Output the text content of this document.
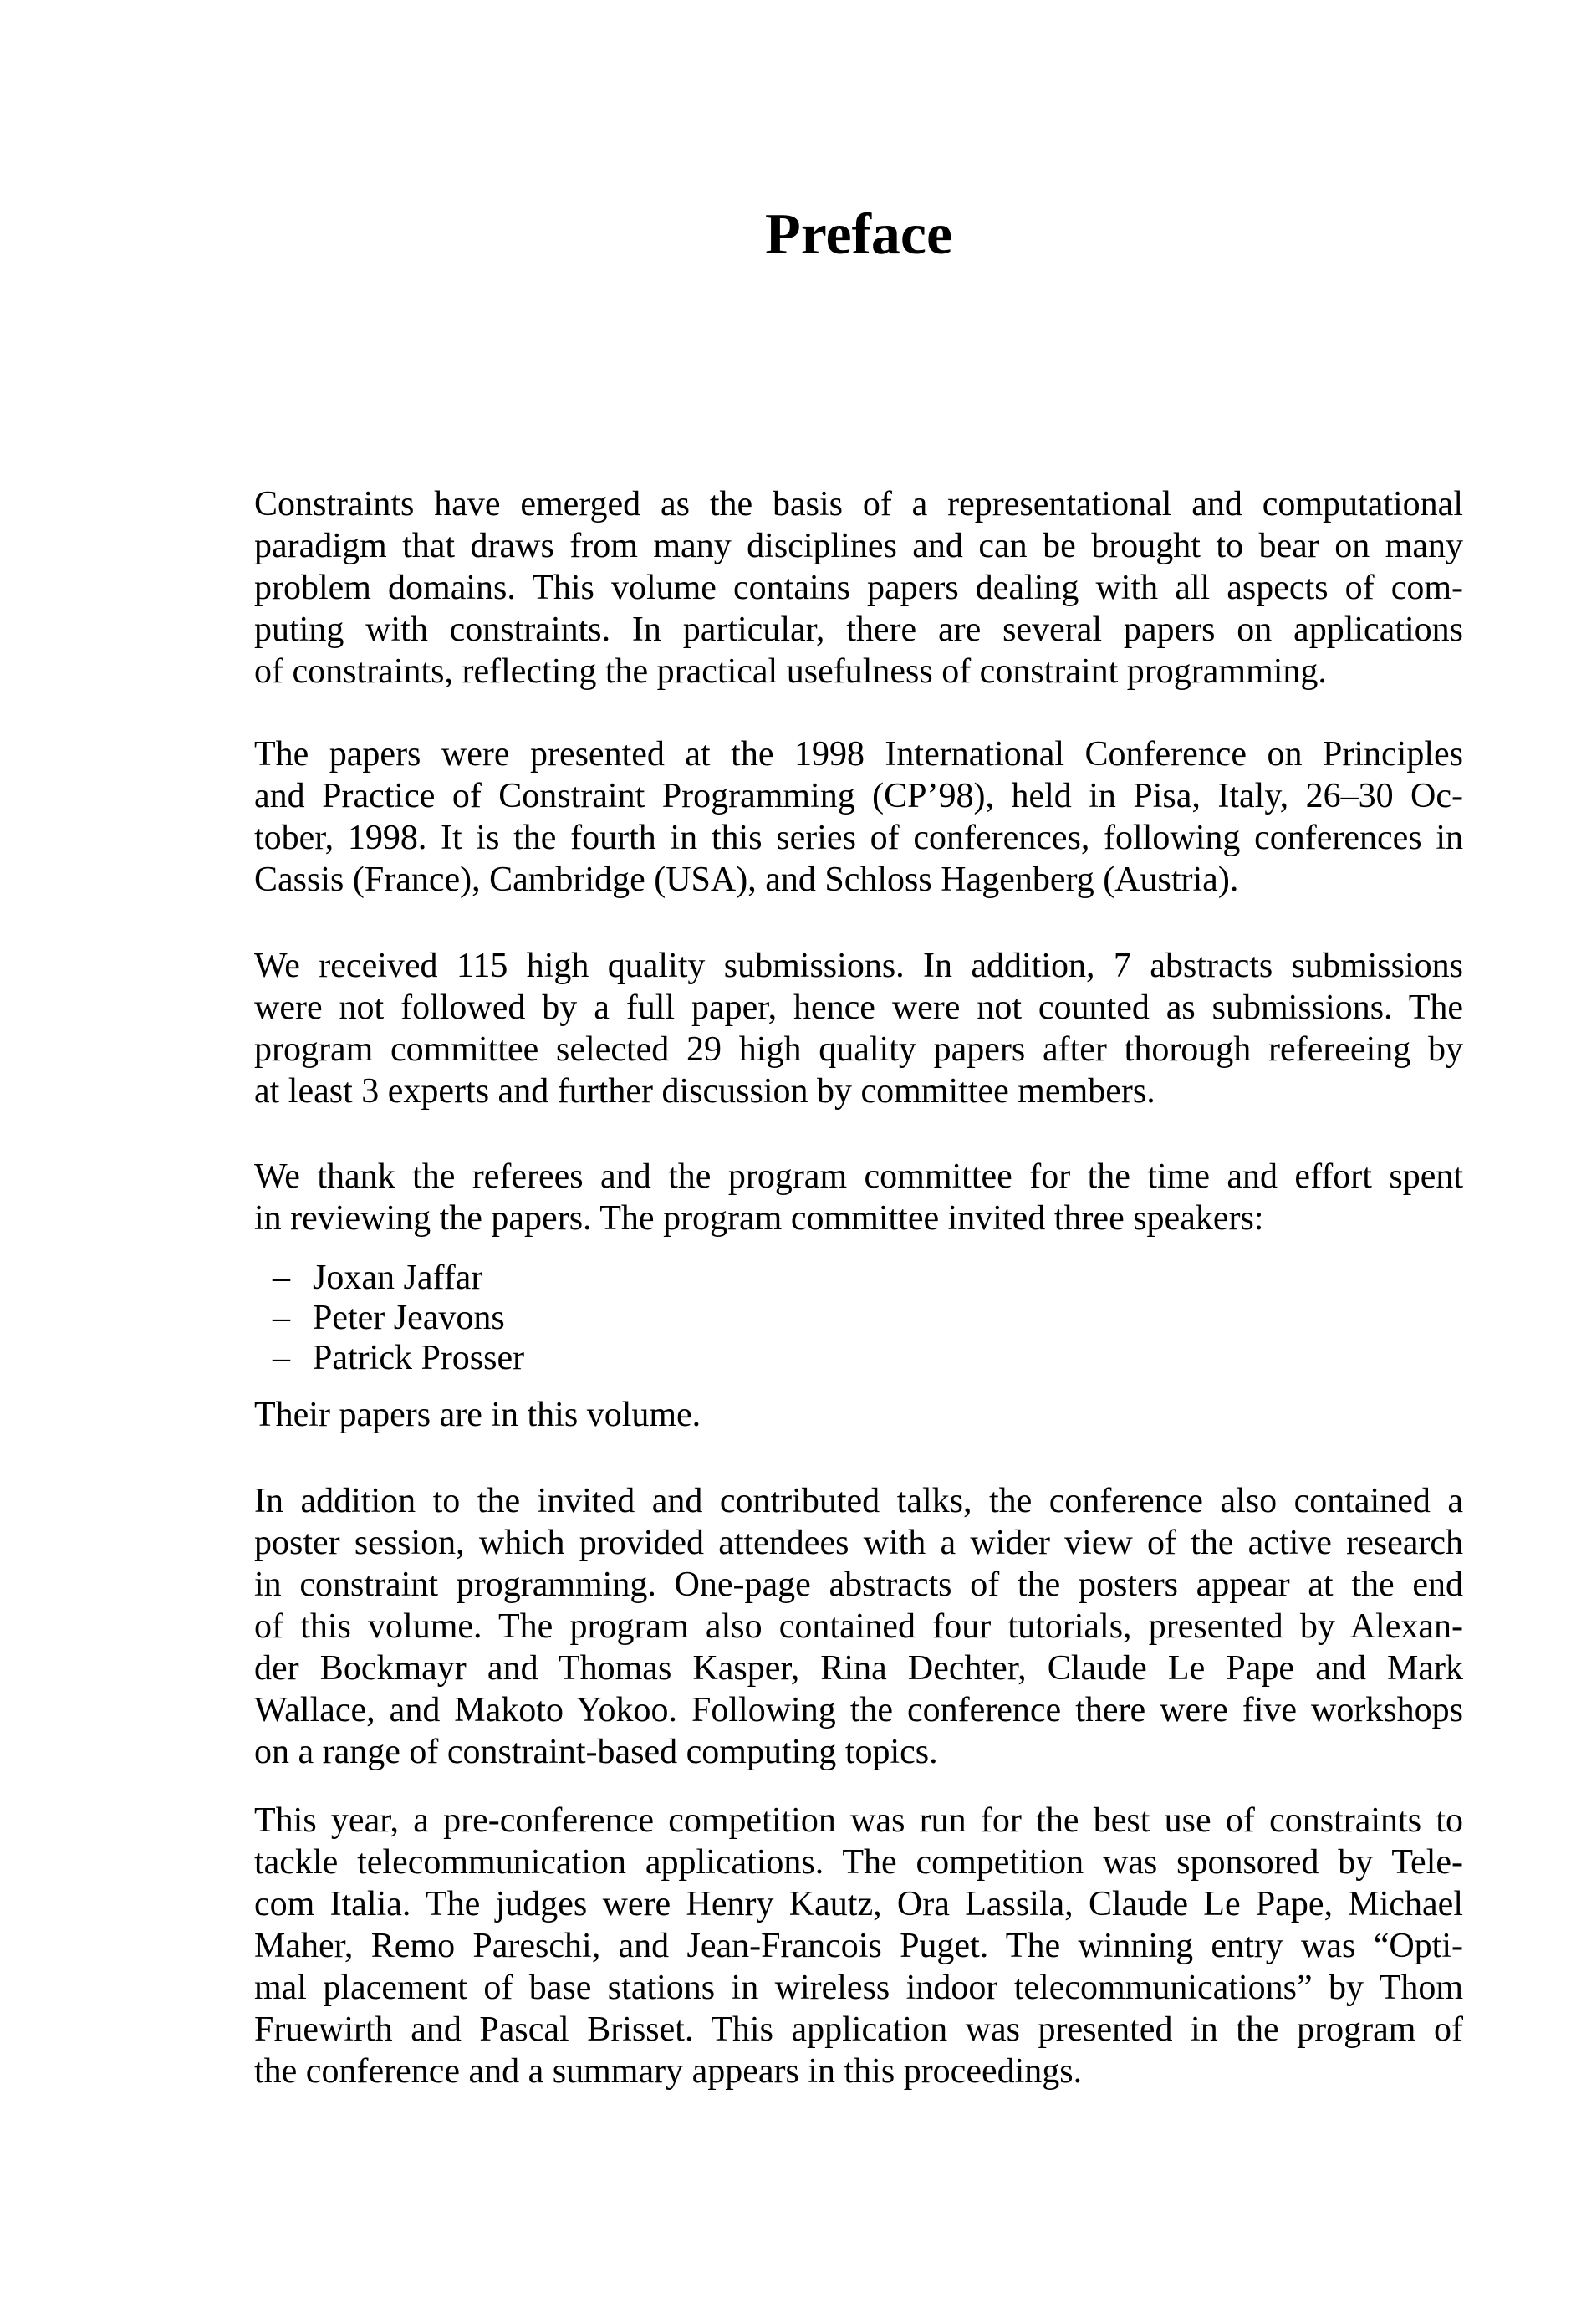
Preface
Constraints have emerged as the basis of a representational and computational
paradigm that draws from many disciplines and can be brought to bear on many
problem domains. This volume contains papers dealing with all aspects of com-
puting with constraints. In particular, there are several papers on applications
of constraints, reflecting the practical usefulness of constraint programming.
The papers were presented at the 1998 International Conference on Principles
and Practice of Constraint Programming (CP’98), held in Pisa, Italy, 26–30 Oc-
tober, 1998. It is the fourth in this series of conferences, following conferences in
Cassis (France), Cambridge (USA), and Schloss Hagenberg (Austria).
We received 115 high quality submissions. In addition, 7 abstracts submissions
were not followed by a full paper, hence were not counted as submissions. The
program committee selected 29 high quality papers after thorough refereeing by
at least 3 experts and further discussion by committee members.
We thank the referees and the program committee for the time and effort spent
in reviewing the papers. The program committee invited three speakers:
– Joxan Jaffar
– Peter Jeavons
– Patrick Prosser
Their papers are in this volume.
In addition to the invited and contributed talks, the conference also contained a
poster session, which provided attendees with a wider view of the active research
in constraint programming. One-page abstracts of the posters appear at the end
of this volume. The program also contained four tutorials, presented by Alexan-
der Bockmayr and Thomas Kasper, Rina Dechter, Claude Le Pape and Mark
Wallace, and Makoto Yokoo. Following the conference there were five workshops
on a range of constraint-based computing topics.
This year, a pre-conference competition was run for the best use of constraints to
tackle telecommunication applications. The competition was sponsored by Tele-
com Italia. The judges were Henry Kautz, Ora Lassila, Claude Le Pape, Michael
Maher, Remo Pareschi, and Jean-Francois Puget. The winning entry was “Opti-
mal placement of base stations in wireless indoor telecommunications” by Thom
Fruewirth and Pascal Brisset. This application was presented in the program of
the conference and a summary appears in this proceedings.
